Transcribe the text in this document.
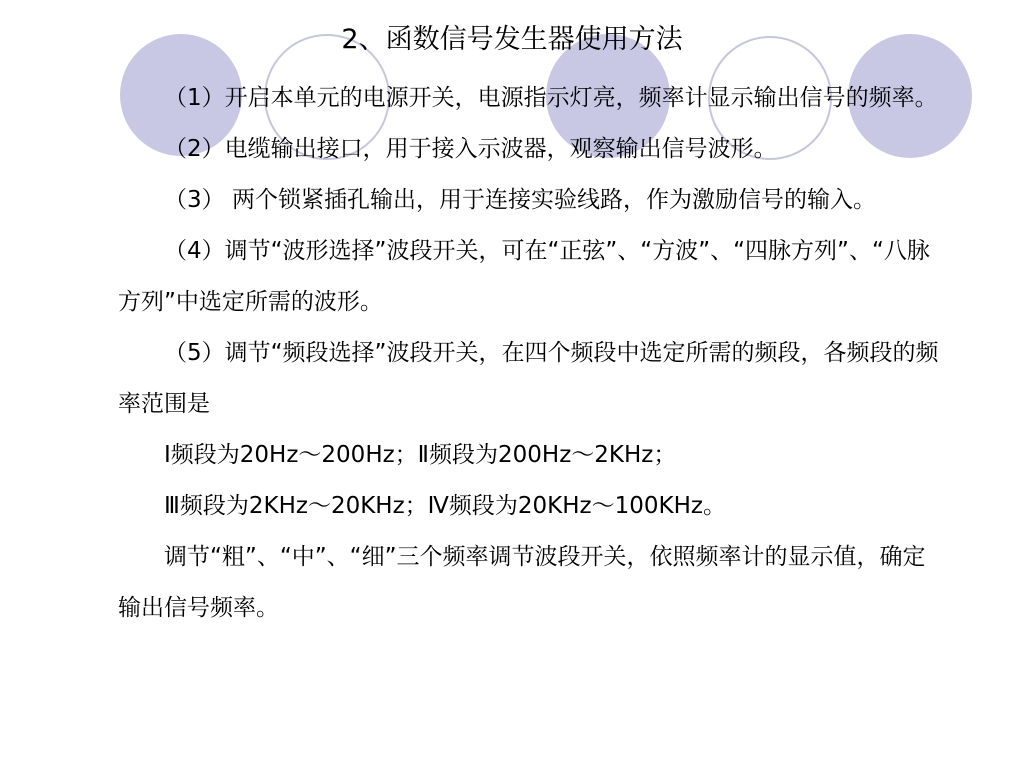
2、函数信号发生器使用方法

（1）开启本单元的电源开关，电源指示灯亮，频率计显示输出信号的频率。

（2）电缆输出接口，用于接入示波器，观察输出信号波形。

（3） 两个锁紧插孔输出，用于连接实验线路，作为激励信号的输入。

（4）调节“波形选择”波段开关，可在“正弦”、“方波”、“四脉方列”、“八脉方列”中选定所需的波形。

（5）调节“频段选择”波段开关，在四个频段中选定所需的频段，各频段的频率范围是

Ⅰ频段为20Hz～200Hz；Ⅱ频段为200Hz～2KHz；

Ⅲ频段为2KHz～20KHz；Ⅳ频段为20KHz～100KHz。

调节“粗”、“中”、“细”三个频率调节波段开关，依照频率计的显示值，确定输出信号频率。
